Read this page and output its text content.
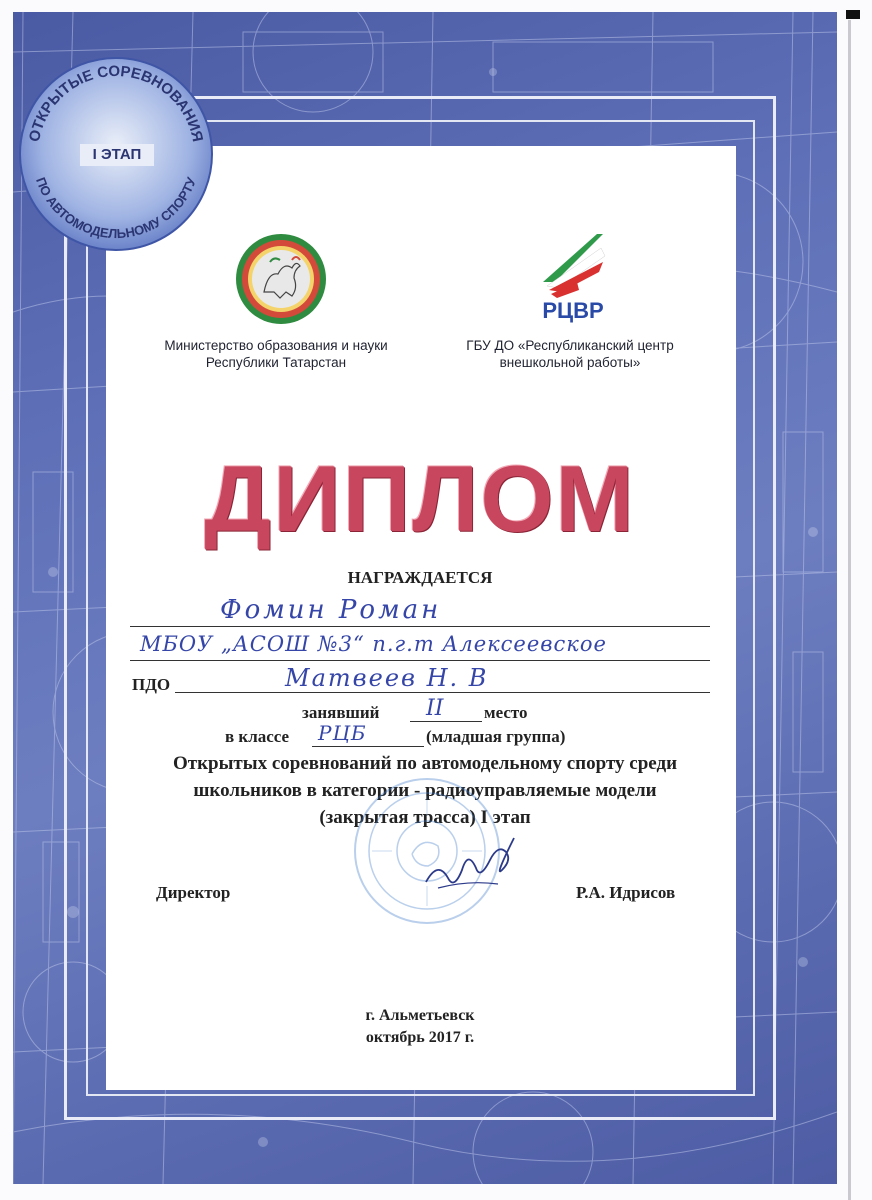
ОТКРЫТЫЕ СОРЕВНОВАНИЯ
ПО АВТОМОДЕЛЬНОМУ СПОРТУ
I ЭТАП
РЦВР
Министерство образования и науки
Республики Татарстан
ГБУ ДО «Республиканский центр
внешкольной работы»
ДИПЛОМ
НАГРАЖДАЕТСЯ
Фомин Роман
МБОУ „АСОШ №3“ п.г.т Алексеевское
ПДО	Матвеев Н. В
занявший II место
в классе РЦБ	(младшая группа)
Открытых соревнований по автомодельному спорту среди
школьников в категории - радиоуправляемые модели
(закрытая трасса) I этап
Директор	Р.А. Идрисов
г. Альметьевск
октябрь 2017 г.
